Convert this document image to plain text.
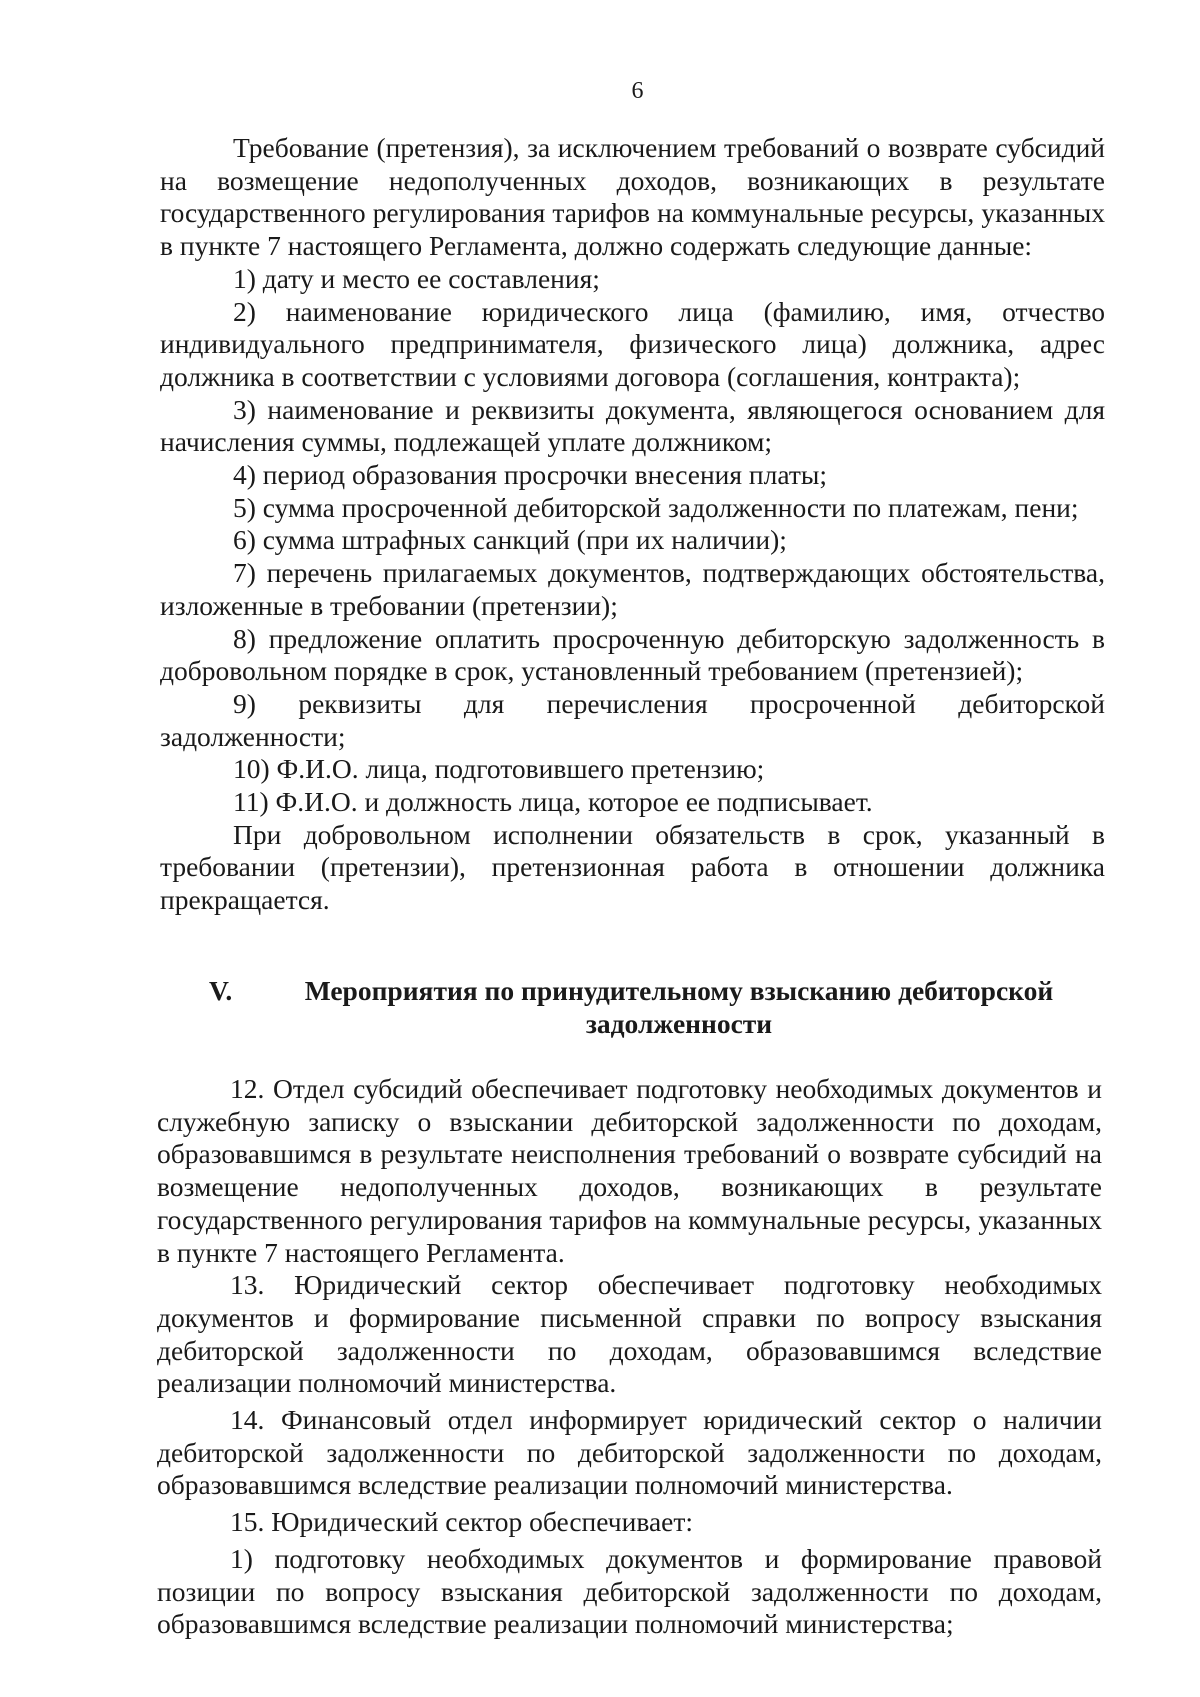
6

Требование (претензия), за исключением требований о возврате субсидий на возмещение недополученных доходов, возникающих в результате государственного регулирования тарифов на коммунальные ресурсы, указанных в пункте 7 настоящего Регламента, должно содержать следующие данные:

1) дату и место ее составления;

2) наименование юридического лица (фамилию, имя, отчество индивидуального предпринимателя, физического лица) должника, адрес должника в соответствии с условиями договора (соглашения, контракта);

3) наименование и реквизиты документа, являющегося основанием для начисления суммы, подлежащей уплате должником;

4) период образования просрочки внесения платы;

5) сумма просроченной дебиторской задолженности по платежам, пени;

6) сумма штрафных санкций (при их наличии);

7) перечень прилагаемых документов, подтверждающих обстоятельства, изложенные в требовании (претензии);

8) предложение оплатить просроченную дебиторскую задолженность в добровольном порядке в срок, установленный требованием (претензией);

9) реквизиты для перечисления просроченной дебиторской задолженности;

10) Ф.И.О. лица, подготовившего претензию;

11) Ф.И.О. и должность лица, которое ее подписывает.

При добровольном исполнении обязательств в срок, указанный в требовании (претензии), претензионная работа в отношении должника прекращается.

V.	Мероприятия по принудительному взысканию дебиторской задолженности

12. Отдел субсидий обеспечивает подготовку необходимых документов и служебную записку о взыскании дебиторской задолженности по доходам, образовавшимся в результате неисполнения требований о возврате субсидий на возмещение недополученных доходов, возникающих в результате государственного регулирования тарифов на коммунальные ресурсы, указанных в пункте 7 настоящего Регламента.

13. Юридический сектор обеспечивает подготовку необходимых документов и формирование письменной справки по вопросу взыскания дебиторской задолженности по доходам, образовавшимся вследствие реализации полномочий министерства.

14. Финансовый отдел информирует юридический сектор о наличии дебиторской задолженности по дебиторской задолженности по доходам, образовавшимся вследствие реализации полномочий министерства.

15. Юридический сектор обеспечивает:

1) подготовку необходимых документов и формирование правовой позиции по вопросу взыскания дебиторской задолженности по доходам, образовавшимся вследствие реализации полномочий министерства;
